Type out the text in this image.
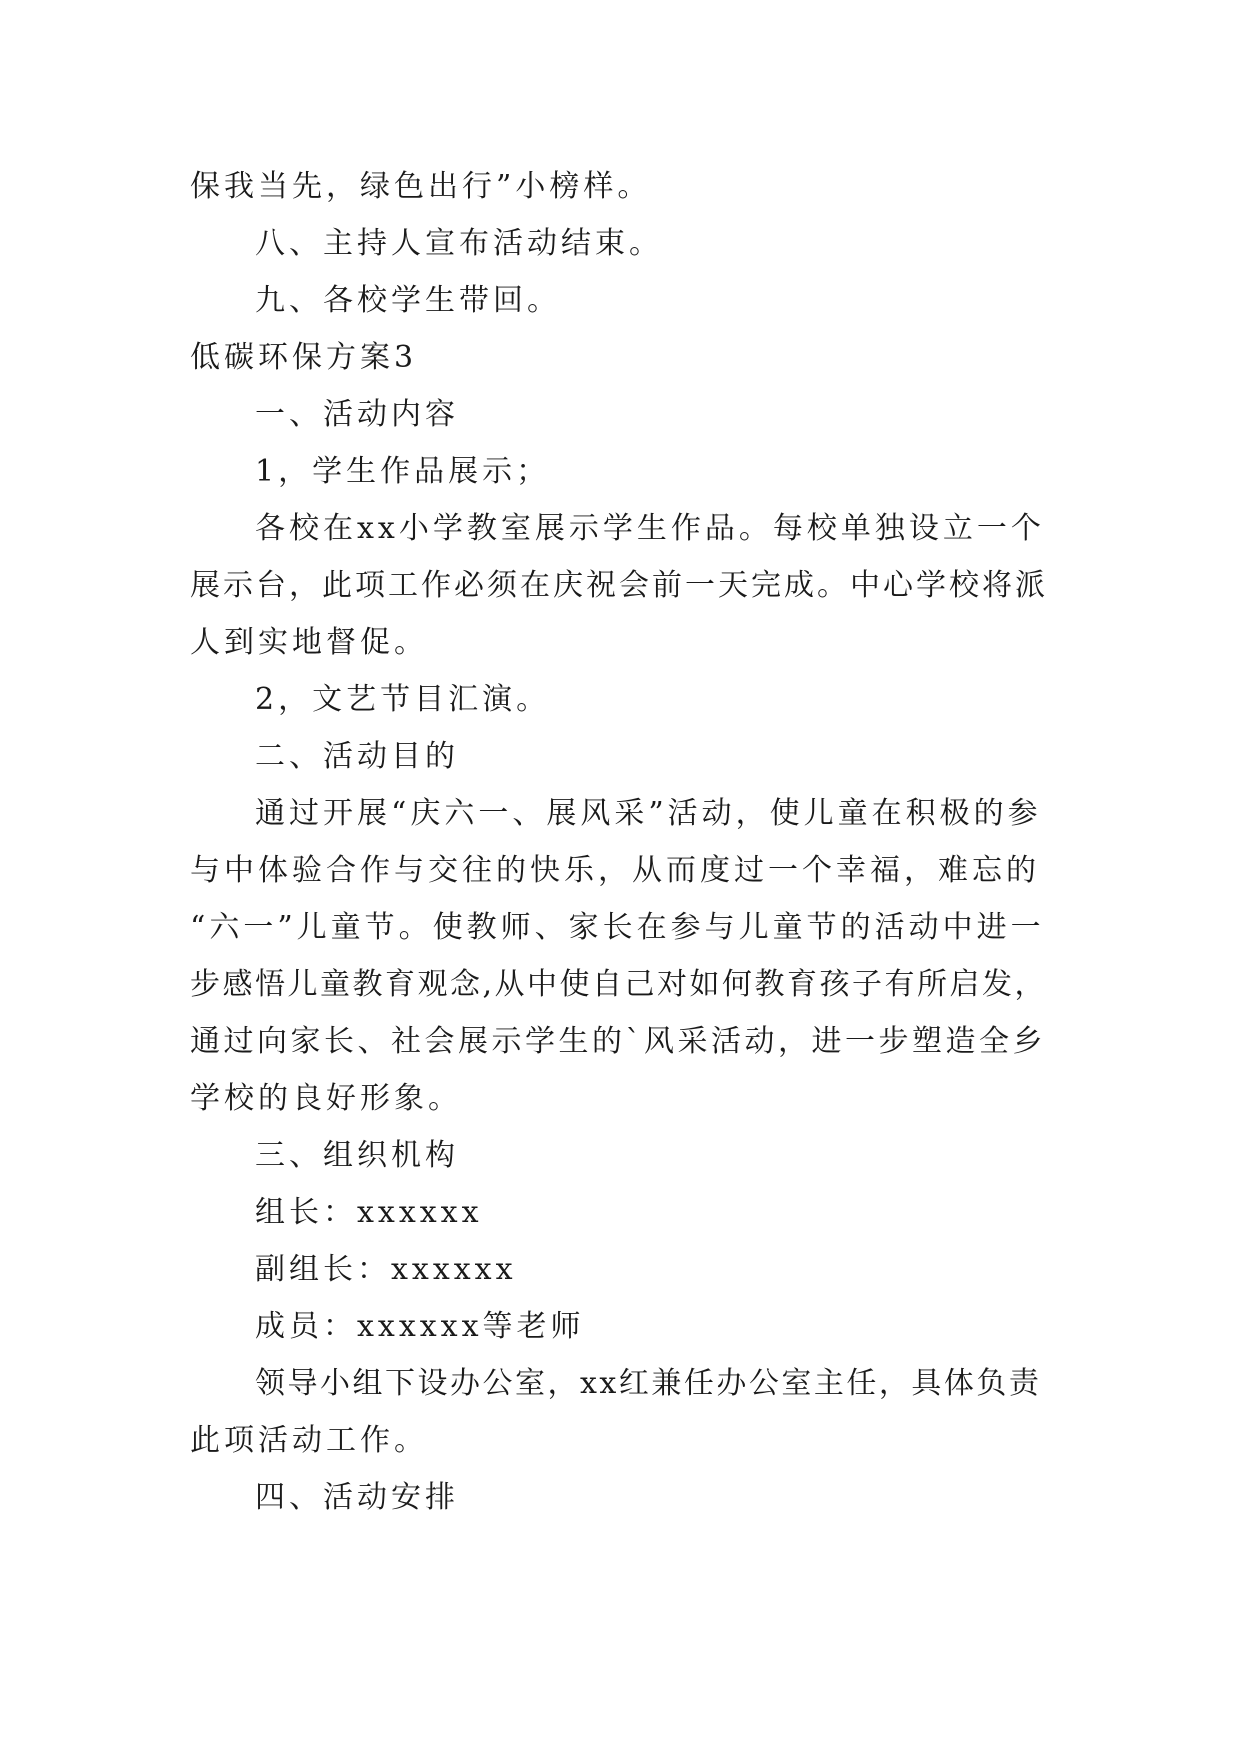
保我当先，绿色出行”小榜样。
八、主持人宣布活动结束。
九、各校学生带回。
低碳环保方案3
一、活动内容
1，学生作品展示；
各校在xx小学教室展示学生作品。每校单独设立一个
展示台，此项工作必须在庆祝会前一天完成。中心学校将派
人到实地督促。
2，文艺节目汇演。
二、活动目的
通过开展“庆六一、展风采”活动，使儿童在积极的参
与中体验合作与交往的快乐，从而度过一个幸福，难忘的
“六一”儿童节。使教师、家长在参与儿童节的活动中进一
步感悟儿童教育观念,从中使自己对如何教育孩子有所启发，
通过向家长、社会展示学生的`风采活动，进一步塑造全乡
学校的良好形象。
三、组织机构
组长：xxxxxx
副组长：xxxxxx
成员：xxxxxx等老师
领导小组下设办公室，xx红兼任办公室主任，具体负责
此项活动工作。
四、活动安排
